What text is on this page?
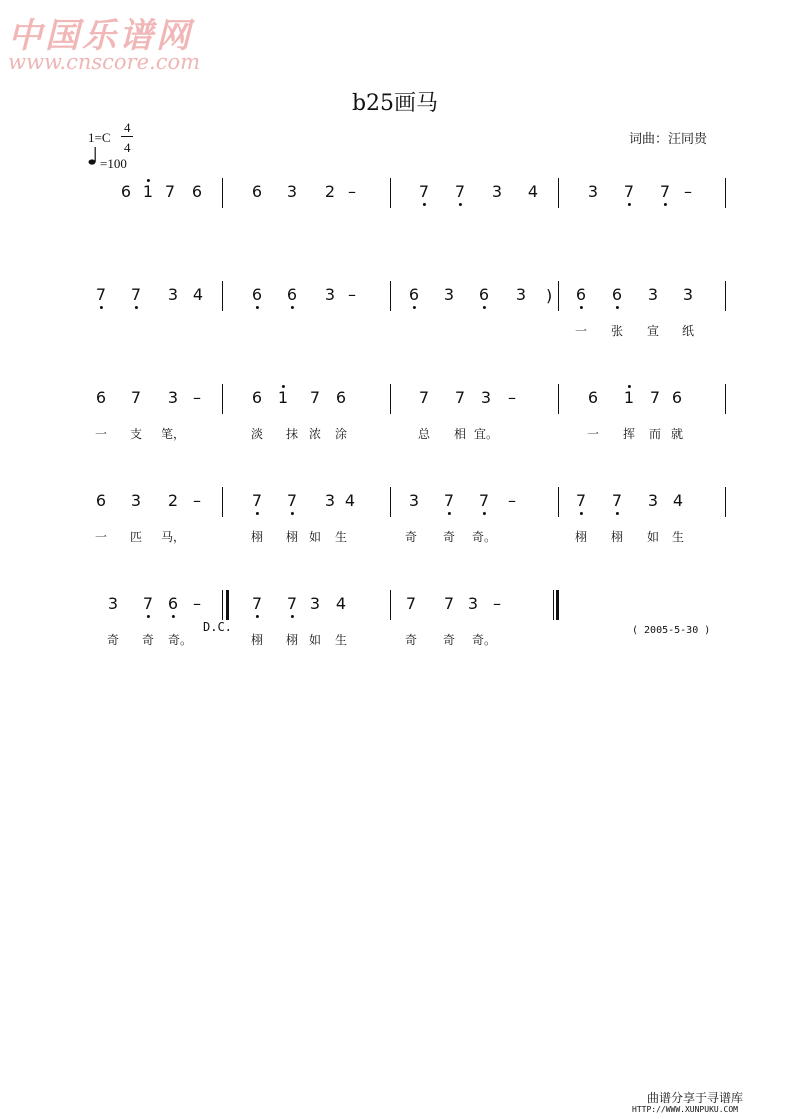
中国乐谱网
www.cnscore.com
b25画马
1=C
4
4
=100
词曲：汪同贵
6 1 7 6	6 3 2 –	7 7 3 4	3 7 7 –
7 7 3 4	6 6 3 –	6 3 6 3	6 6 3 3
一 张 宣 纸
6 7 3 –	6 1 7 6	7 7 3 –	6 1 7 6
一 支 笔，	淡 抹 浓 涂	总 相 宜。	一 挥 而 就
6 3 2 –	7 7 3 4	3 7 7 –	7 7 3 4
一 匹 马，	栩 栩 如 生	奇 奇 奇。	栩 栩 如 生
3 7 6 –	7 7 3 4	7 7 3 –
奇 奇 奇。	栩 栩 如 生	奇 奇 奇。
)
D.C.	( 2005-5-30 )
曲谱分享于寻谱库
HTTP://WWW.XUNPUKU.COM
